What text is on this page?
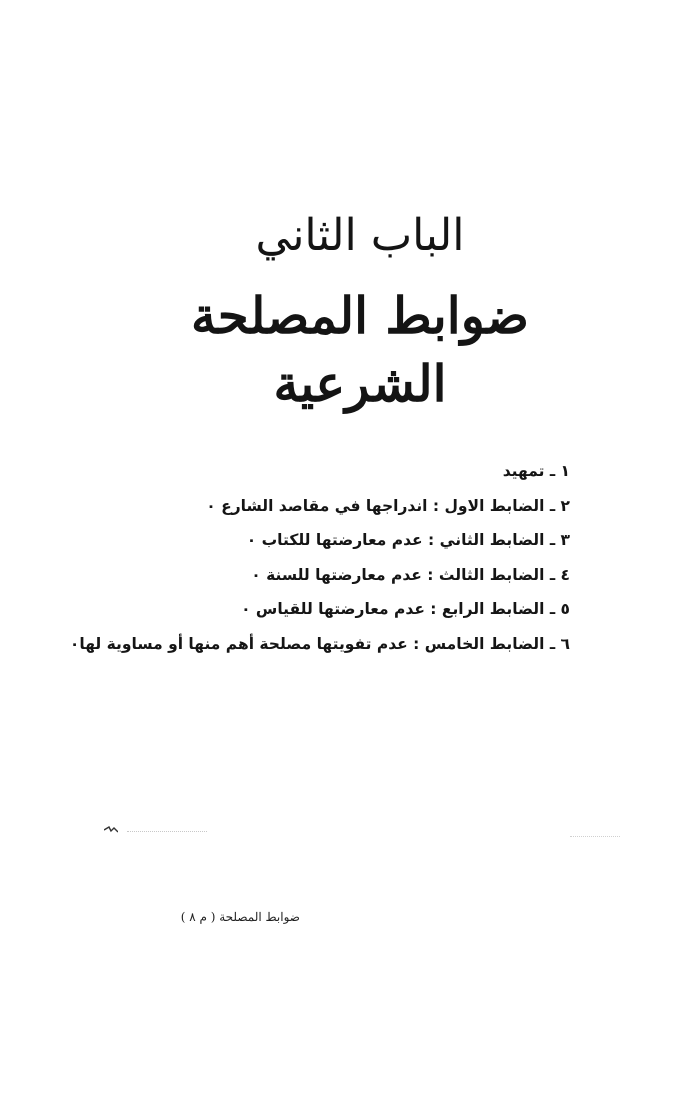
الباب الثاني
ضوابط المصلحة الشرعية
١ ـ تمهيد
٢ ـ الضابط الاول : اندراجها في مقاصد الشارع ٠
٣ ـ الضابط الثاني : عدم معارضتها للكتاب ٠
٤ ـ الضابط الثالث : عدم معارضتها للسنة ٠
٥ ـ الضابط الرابع : عدم معارضتها للقياس ٠
٦ ـ الضابط الخامس : عدم تفويتها مصلحة أهم منها أو مساوية لها٠

ضوابط المصلحة ( م ٨ )
